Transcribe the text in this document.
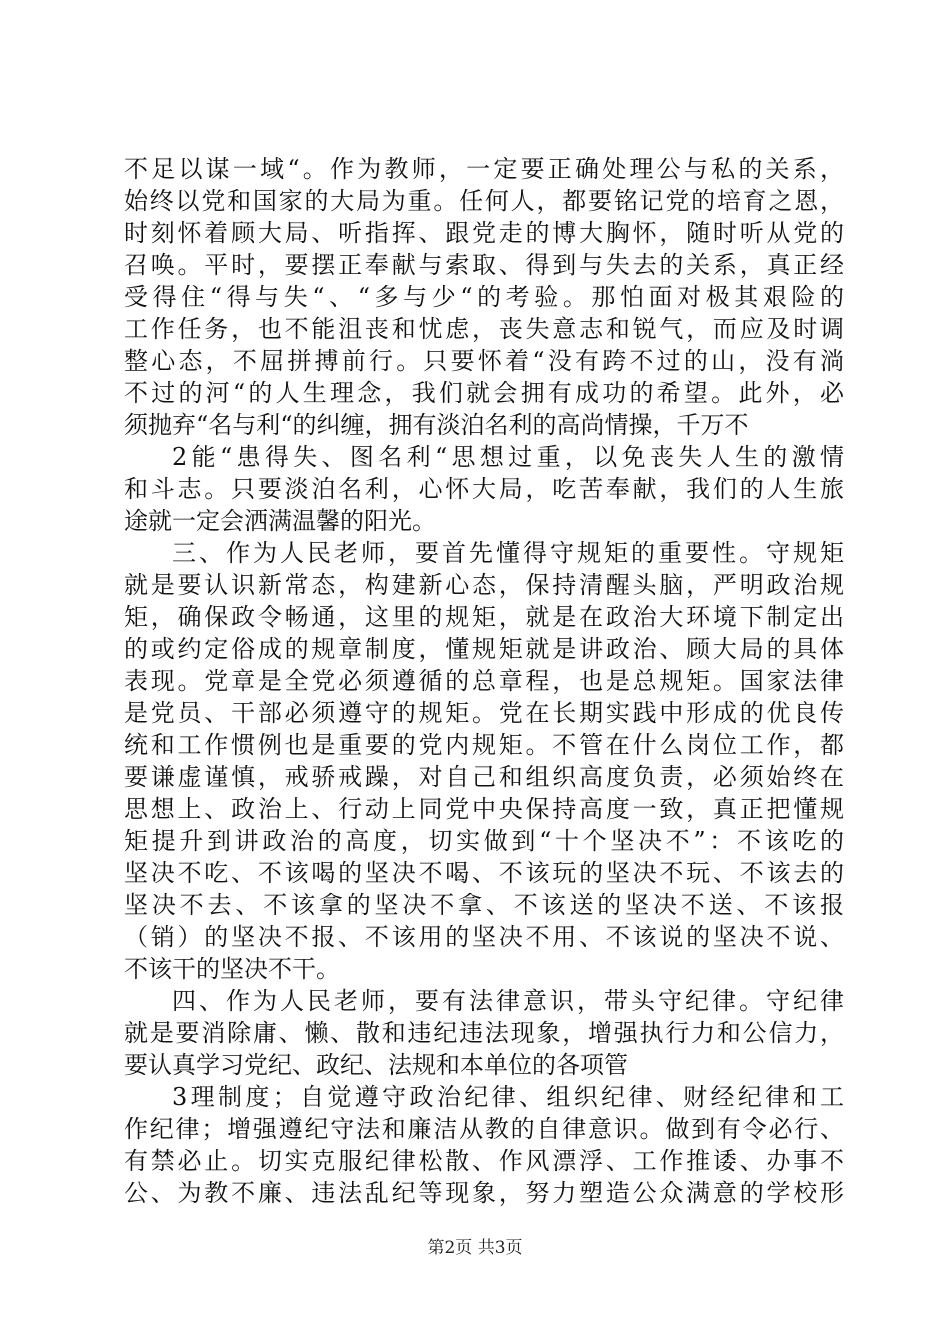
不足以谋一域“。作为教师，一定要正确处理公与私的关系，
始终以党和国家的大局为重。任何人，都要铭记党的培育之恩，
时刻怀着顾大局、听指挥、跟党走的博大胸怀，随时听从党的
召唤。平时，要摆正奉献与索取、得到与失去的关系，真正经
受得住“得与失“、“多与少“的考验。那怕面对极其艰险的
工作任务，也不能沮丧和忧虑，丧失意志和锐气，而应及时调
整心态，不屈拼搏前行。只要怀着“没有跨不过的山，没有淌
不过的河“的人生理念，我们就会拥有成功的希望。此外，必
须抛弃“名与利“的纠缠，拥有淡泊名利的高尚情操，千万不
2能“患得失、图名利“思想过重，以免丧失人生的激情
和斗志。只要淡泊名利，心怀大局，吃苦奉献，我们的人生旅
途就一定会洒满温馨的阳光。
三、作为人民老师，要首先懂得守规矩的重要性。守规矩
就是要认识新常态，构建新心态，保持清醒头脑，严明政治规
矩，确保政令畅通，这里的规矩，就是在政治大环境下制定出
的或约定俗成的规章制度，懂规矩就是讲政治、顾大局的具体
表现。党章是全党必须遵循的总章程，也是总规矩。国家法律
是党员、干部必须遵守的规矩。党在长期实践中形成的优良传
统和工作惯例也是重要的党内规矩。不管在什么岗位工作，都
要谦虚谨慎，戒骄戒躁，对自己和组织高度负责，必须始终在
思想上、政治上、行动上同党中央保持高度一致，真正把懂规
矩提升到讲政治的高度，切实做到“十个坚决不”：不该吃的
坚决不吃、不该喝的坚决不喝、不该玩的坚决不玩、不该去的
坚决不去、不该拿的坚决不拿、不该送的坚决不送、不该报
（销）的坚决不报、不该用的坚决不用、不该说的坚决不说、
不该干的坚决不干。
四、作为人民老师，要有法律意识，带头守纪律。守纪律
就是要消除庸、懒、散和违纪违法现象，增强执行力和公信力，
要认真学习党纪、政纪、法规和本单位的各项管
3理制度；自觉遵守政治纪律、组织纪律、财经纪律和工
作纪律；增强遵纪守法和廉洁从教的自律意识。做到有令必行、
有禁必止。切实克服纪律松散、作风漂浮、工作推诿、办事不
公、为教不廉、违法乱纪等现象，努力塑造公众满意的学校形
第2页 共3页
